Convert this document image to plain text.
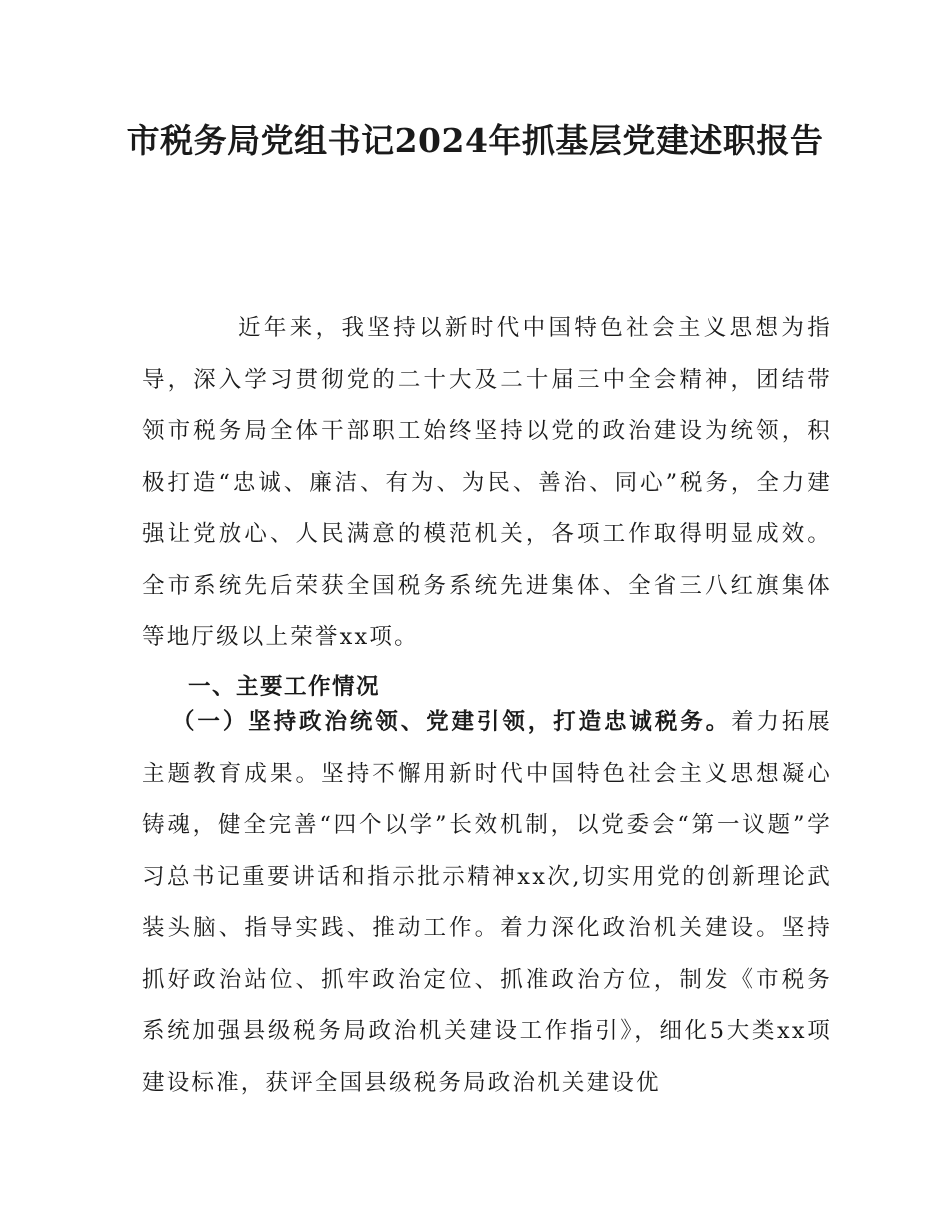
市税务局党组书记2024年抓基层党建述职报告

近年来，我坚持以新时代中国特色社会主义思想为指导，深入学习贯彻党的二十大及二十届三中全会精神，团结带领市税务局全体干部职工始终坚持以党的政治建设为统领，积极打造“忠诚、廉洁、有为、为民、善治、同心”税务，全力建强让党放心、人民满意的模范机关，各项工作取得明显成效。全市系统先后荣获全国税务系统先进集体、全省三八红旗集体等地厅级以上荣誉xx项。

一、主要工作情况

（一）坚持政治统领、党建引领，打造忠诚税务。着力拓展主题教育成果。坚持不懈用新时代中国特色社会主义思想凝心铸魂，健全完善“四个以学”长效机制，以党委会“第一议题”学习总书记重要讲话和指示批示精神xx次,切实用党的创新理论武装头脑、指导实践、推动工作。着力深化政治机关建设。坚持抓好政治站位、抓牢政治定位、抓准政治方位，制发《市税务系统加强县级税务局政治机关建设工作指引》，细化5大类xx项建设标准，获评全国县级税务局政治机关建设优
